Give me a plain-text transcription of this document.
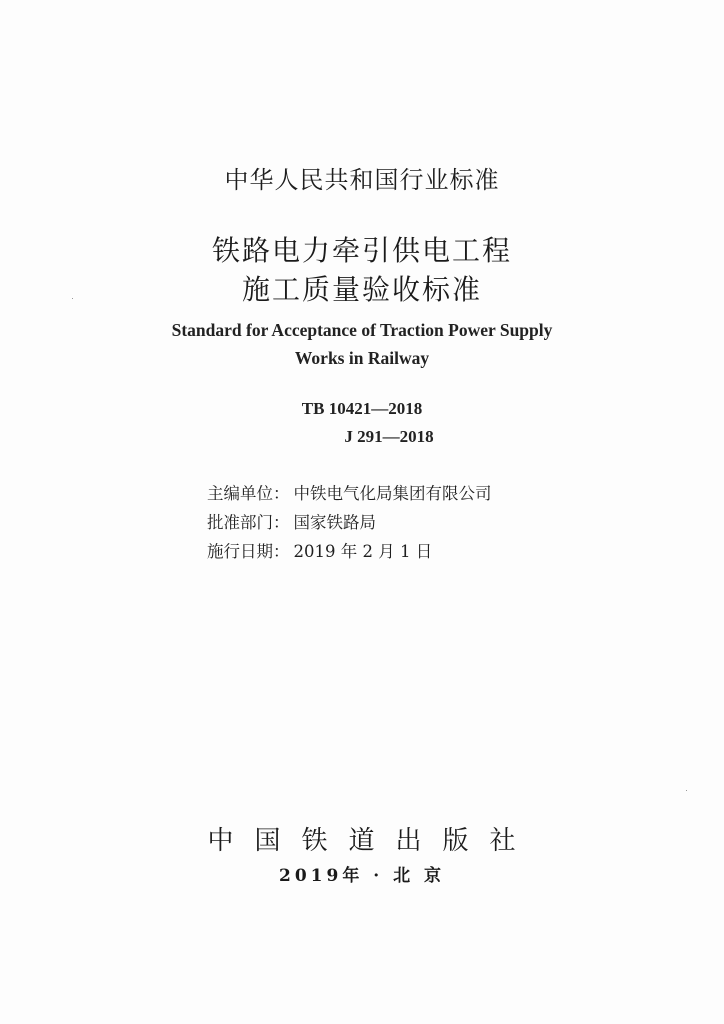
中华人民共和国行业标准
铁路电力牵引供电工程
施工质量验收标准
Standard for Acceptance of Traction Power Supply
Works in Railway
TB 10421—2018
J 291—2018
主编单位： 中铁电气化局集团有限公司
批准部门： 国家铁路局
施行日期： 2019 年 2 月 1 日
中国铁道出版社
2019年 · 北 京
